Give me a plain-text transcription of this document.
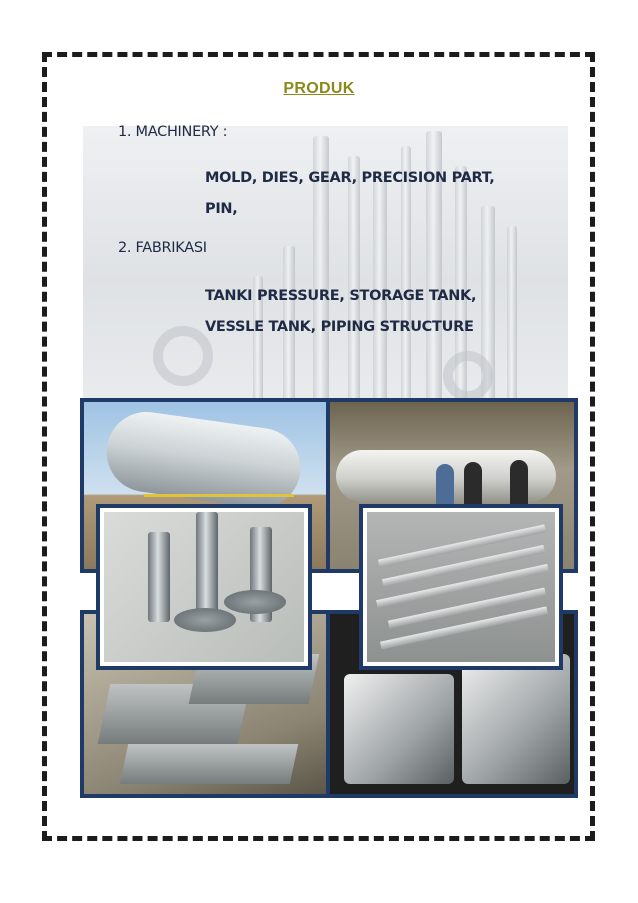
PRODUK
1. MACHINERY :
MOLD, DIES, GEAR, PRECISION PART,
PIN,
2. FABRIKASI
TANKI PRESSURE, STORAGE TANK,
VESSLE TANK, PIPING STRUCTURE
